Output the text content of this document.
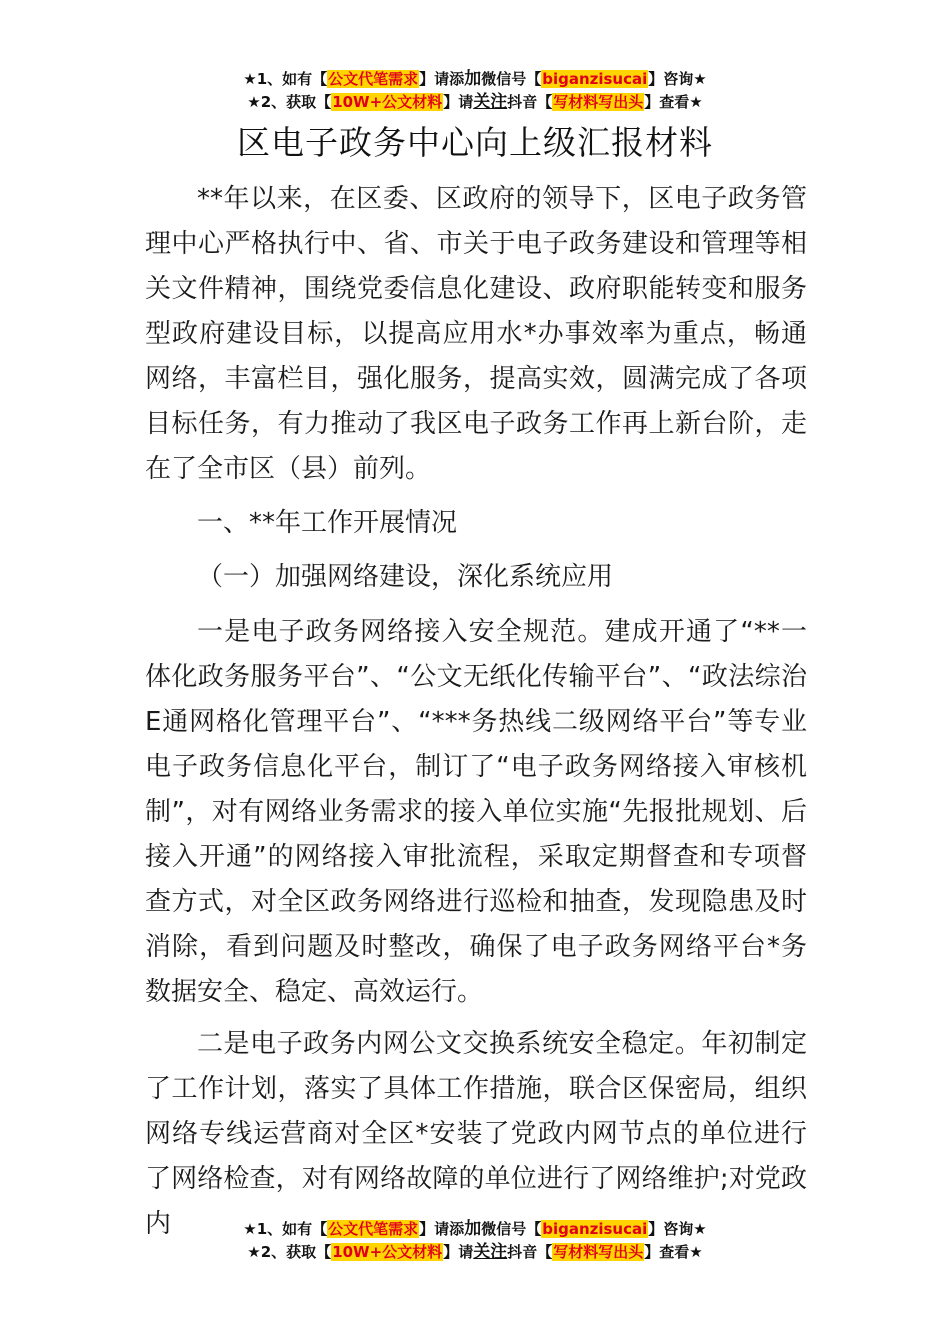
★1、如有【公文代笔需求】请添加微信号【biganzisucai】咨询★
★2、获取【10W+公文材料】请关注抖音【写材料写出头】查看★
区电子政务中心向上级汇报材料

**年以来，在区委、区政府的领导下，区电子政务管理中心严格执行中、省、市关于电子政务建设和管理等相关文件精神，围绕党委信息化建设、政府职能转变和服务型政府建设目标，以提高应用水*办事效率为重点，畅通网络，丰富栏目，强化服务，提高实效，圆满完成了各项目标任务，有力推动了我区电子政务工作再上新台阶，走在了全市区（县）前列。

一、**年工作开展情况

（一）加强网络建设，深化系统应用

一是电子政务网络接入安全规范。建成开通了“**一体化政务服务平台”、“公文无纸化传输平台”、“政法综治E通网格化管理平台”、“***务热线二级网络平台”等专业电子政务信息化平台，制订了“电子政务网络接入审核机制”，对有网络业务需求的接入单位实施“先报批规划、后接入开通”的网络接入审批流程，采取定期督查和专项督查方式，对全区政务网络进行巡检和抽查，发现隐患及时消除，看到问题及时整改，确保了电子政务网络平台*务数据安全、稳定、高效运行。

二是电子政务内网公文交换系统安全稳定。年初制定了工作计划，落实了具体工作措施，联合区保密局，组织网络专线运营商对全区*安装了党政内网节点的单位进行了网络检查，对有网络故障的单位进行了网络维护;对党政内	★1、如有【公文代笔需求】请添加微信号【biganzisucai】咨询★
★2、获取【10W+公文材料】请关注抖音【写材料写出头】查看★
